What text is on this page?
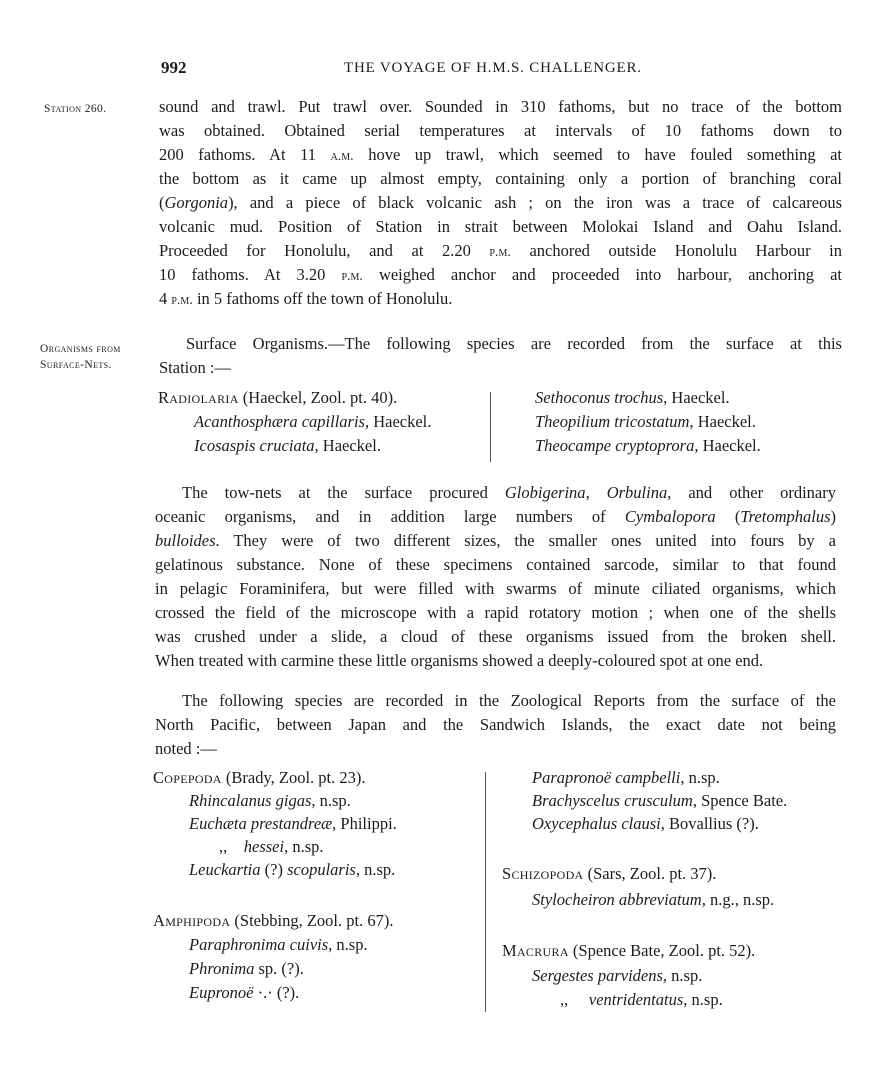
992	THE VOYAGE OF H.M.S. CHALLENGER.
Station 260.	sound and trawl. Put trawl over. Sounded in 310 fathoms, but no trace of the bottom
was obtained. Obtained serial temperatures at intervals of 10 fathoms down to
200 fathoms. At 11 a.m. hove up trawl, which seemed to have fouled something at
the bottom as it came up almost empty, containing only a portion of branching coral
(Gorgonia), and a piece of black volcanic ash ; on the iron was a trace of calcareous
volcanic mud. Position of Station in strait between Molokai Island and Oahu Island.
Proceeded for Honolulu, and at 2.20 p.m. anchored outside Honolulu Harbour in
10 fathoms. At 3.20 p.m. weighed anchor and proceeded into harbour, anchoring at
4 p.m. in 5 fathoms off the town of Honolulu.
Organisms from
Surface-Nets.
Surface Organisms.—The following species are recorded from the surface at this
Station :—
Radiolaria (Haeckel, Zool. pt. 40).
Acanthosphæra capillaris, Haeckel.
Icosaspis cruciata, Haeckel.
Sethoconus trochus, Haeckel.
Theopilium tricostatum, Haeckel.
Theocampe cryptoprora, Haeckel.
The tow-nets at the surface procured Globigerina, Orbulina, and other ordinary
oceanic organisms, and in addition large numbers of Cymbalopora (Tretomphalus)
bulloides. They were of two different sizes, the smaller ones united into fours by a
gelatinous substance. None of these specimens contained sarcode, similar to that found
in pelagic Foraminifera, but were filled with swarms of minute ciliated organisms, which
crossed the field of the microscope with a rapid rotatory motion ; when one of the shells
was crushed under a slide, a cloud of these organisms issued from the broken shell.
When treated with carmine these little organisms showed a deeply-coloured spot at one end.
The following species are recorded in the Zoological Reports from the surface of the
North Pacific, between Japan and the Sandwich Islands, the exact date not being
noted :—
Copepoda (Brady, Zool. pt. 23).
Rhincalanus gigas, n.sp.
Euchæta prestandreæ, Philippi.
,, hessei, n.sp.
Leuckartia (?) scopularis, n.sp.
Amphipoda (Stebbing, Zool. pt. 67).
Paraphronima cuivis, n.sp.
Phronima sp. (?).
Eupronoë ·.· (?).
Parapronoë campbelli, n.sp.
Brachyscelus crusculum, Spence Bate.
Oxycephalus clausi, Bovallius (?).
Schizopoda (Sars, Zool. pt. 37).
Stylocheiron abbreviatum, n.g., n.sp.
Macrura (Spence Bate, Zool. pt. 52).
Sergestes parvidens, n.sp.
,, ventridentatus, n.sp.
